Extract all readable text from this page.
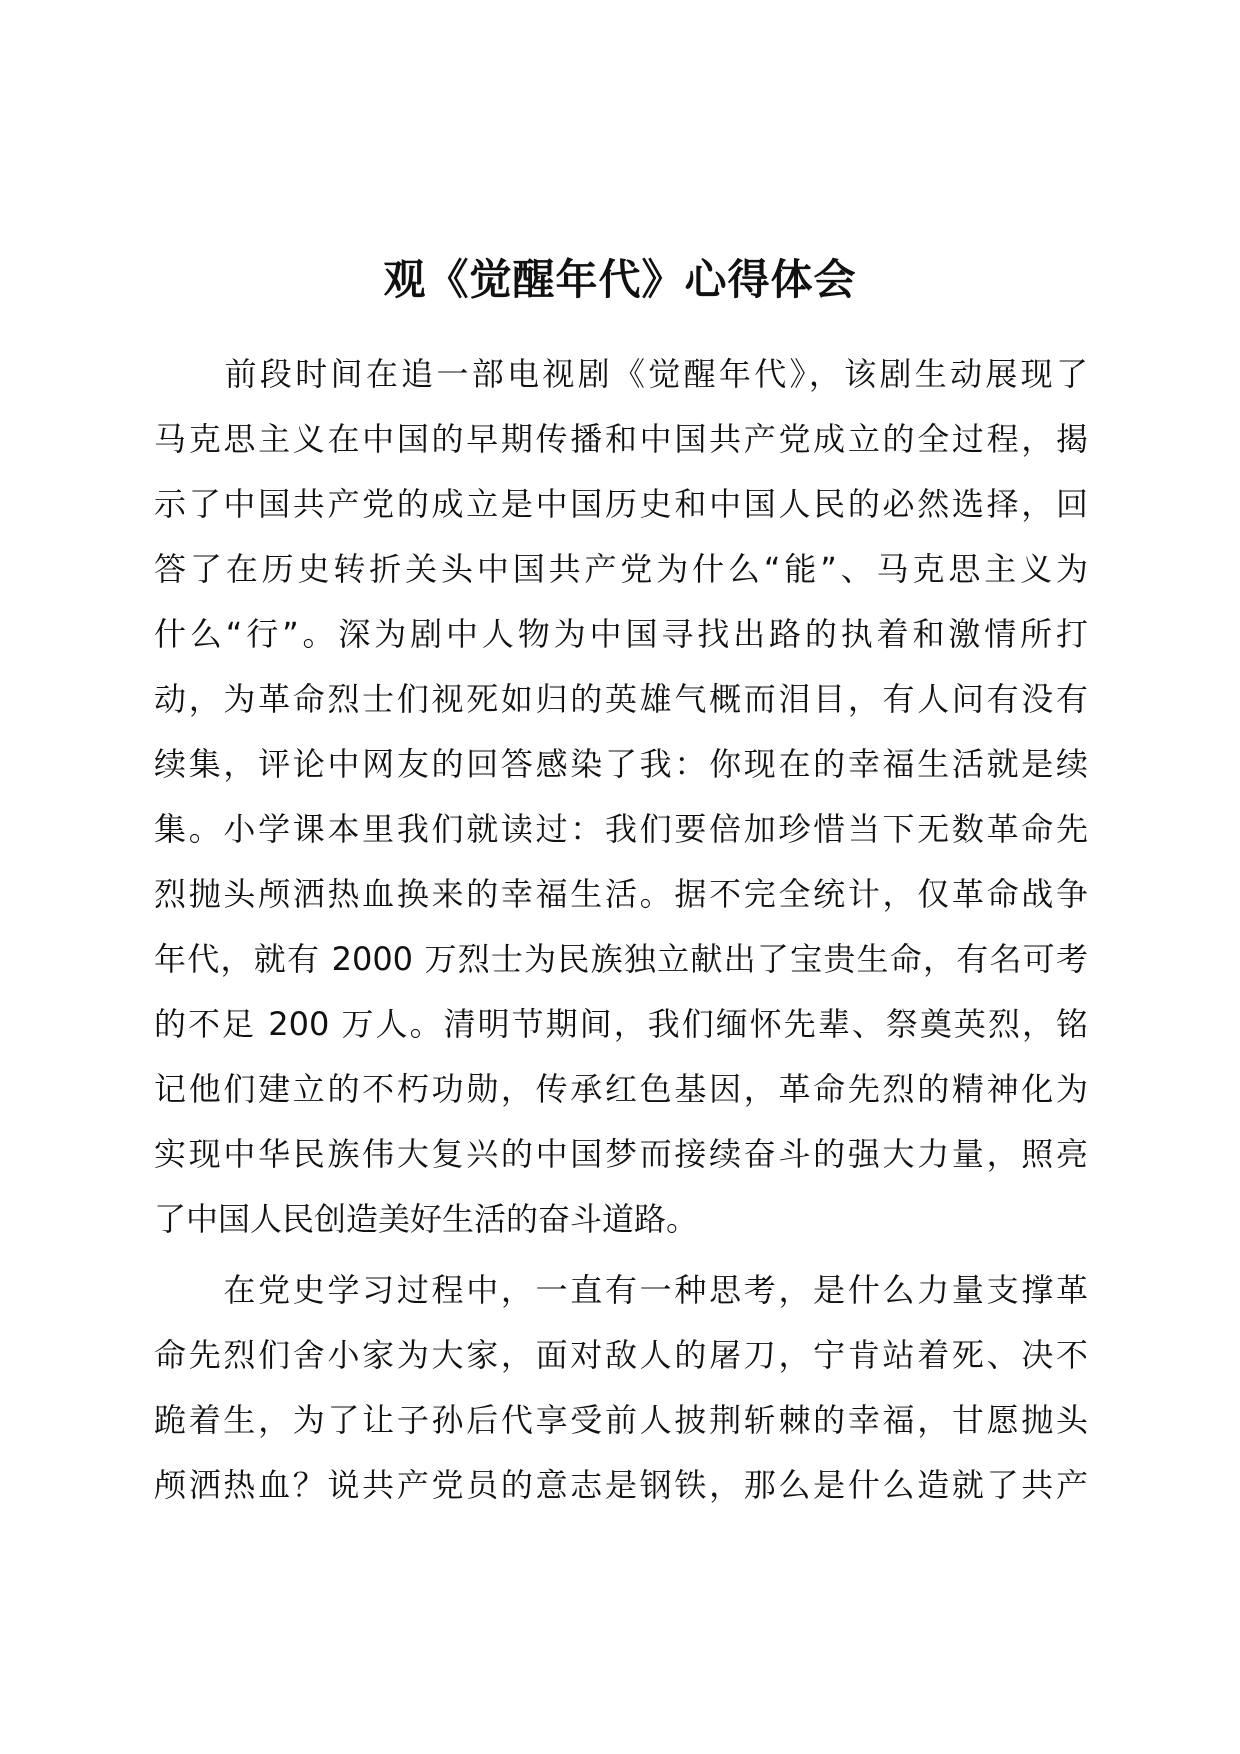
观《觉醒年代》心得体会
　　前段时间在追一部电视剧《觉醒年代》，该剧生动展现了
马克思主义在中国的早期传播和中国共产党成立的全过程，揭
示了中国共产党的成立是中国历史和中国人民的必然选择，回
答了在历史转折关头中国共产党为什么“能”、马克思主义为
什么“行”。深为剧中人物为中国寻找出路的执着和激情所打
动，为革命烈士们视死如归的英雄气概而泪目，有人问有没有
续集，评论中网友的回答感染了我：你现在的幸福生活就是续
集。小学课本里我们就读过：我们要倍加珍惜当下无数革命先
烈抛头颅洒热血换来的幸福生活。据不完全统计，仅革命战争
年代，就有 2000 万烈士为民族独立献出了宝贵生命，有名可考
的不足 200 万人。清明节期间，我们缅怀先辈、祭奠英烈，铭
记他们建立的不朽功勋，传承红色基因，革命先烈的精神化为
实现中华民族伟大复兴的中国梦而接续奋斗的强大力量，照亮
了中国人民创造美好生活的奋斗道路。
　　在党史学习过程中，一直有一种思考，是什么力量支撑革
命先烈们舍小家为大家，面对敌人的屠刀，宁肯站着死、决不
跪着生，为了让子孙后代享受前人披荆斩棘的幸福，甘愿抛头
颅洒热血？说共产党员的意志是钢铁，那么是什么造就了共产
